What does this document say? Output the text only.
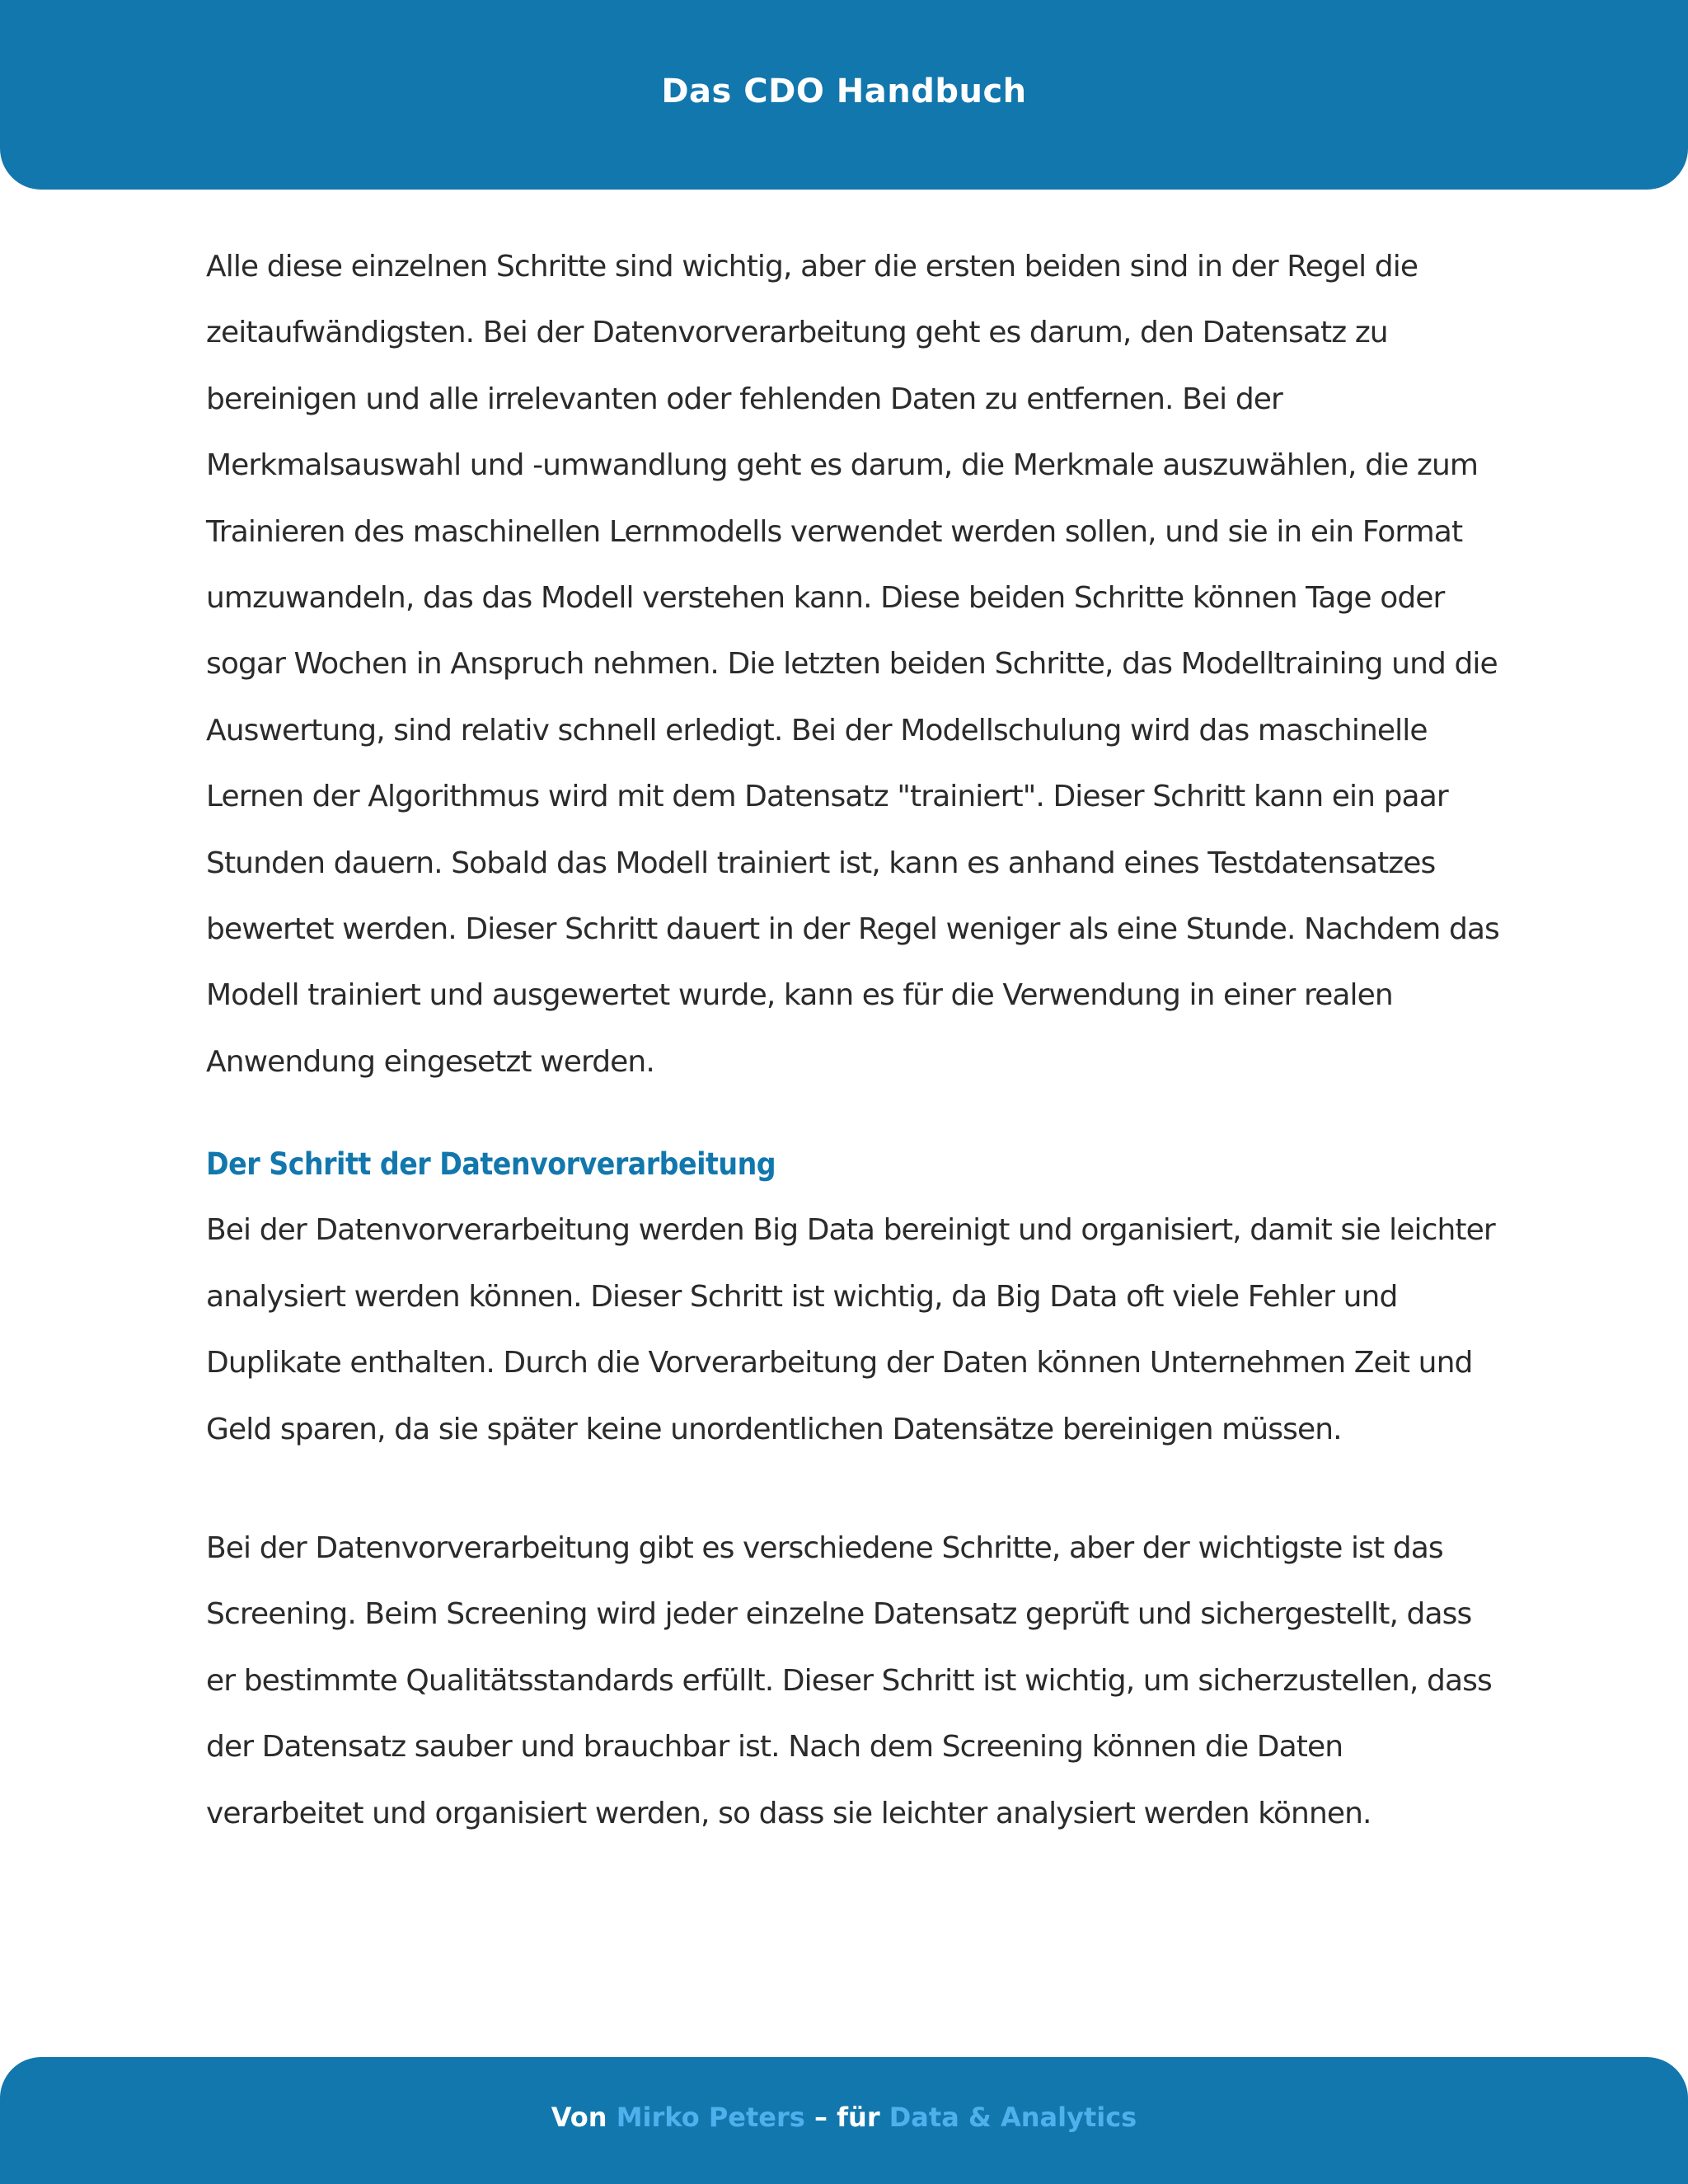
Das CDO Handbuch

Alle diese einzelnen Schritte sind wichtig, aber die ersten beiden sind in der Regel die zeitaufwändigsten. Bei der Datenvorverarbeitung geht es darum, den Datensatz zu bereinigen und alle irrelevanten oder fehlenden Daten zu entfernen. Bei der Merkmalsauswahl und -umwandlung geht es darum, die Merkmale auszuwählen, die zum Trainieren des maschinellen Lernmodells verwendet werden sollen, und sie in ein Format umzuwandeln, das das Modell verstehen kann. Diese beiden Schritte können Tage oder sogar Wochen in Anspruch nehmen. Die letzten beiden Schritte, das Modelltraining und die Auswertung, sind relativ schnell erledigt. Bei der Modellschulung wird das maschinelle Lernen der Algorithmus wird mit dem Datensatz "trainiert". Dieser Schritt kann ein paar Stunden dauern. Sobald das Modell trainiert ist, kann es anhand eines Testdatensatzes bewertet werden. Dieser Schritt dauert in der Regel weniger als eine Stunde. Nachdem das Modell trainiert und ausgewertet wurde, kann es für die Verwendung in einer realen Anwendung eingesetzt werden.

Der Schritt der Datenvorverarbeitung

Bei der Datenvorverarbeitung werden Big Data bereinigt und organisiert, damit sie leichter analysiert werden können. Dieser Schritt ist wichtig, da Big Data oft viele Fehler und Duplikate enthalten. Durch die Vorverarbeitung der Daten können Unternehmen Zeit und Geld sparen, da sie später keine unordentlichen Datensätze bereinigen müssen.

Bei der Datenvorverarbeitung gibt es verschiedene Schritte, aber der wichtigste ist das Screening. Beim Screening wird jeder einzelne Datensatz geprüft und sichergestellt, dass er bestimmte Qualitätsstandards erfüllt. Dieser Schritt ist wichtig, um sicherzustellen, dass der Datensatz sauber und brauchbar ist. Nach dem Screening können die Daten verarbeitet und organisiert werden, so dass sie leichter analysiert werden können.

Von Mirko Peters – für Data & Analytics
